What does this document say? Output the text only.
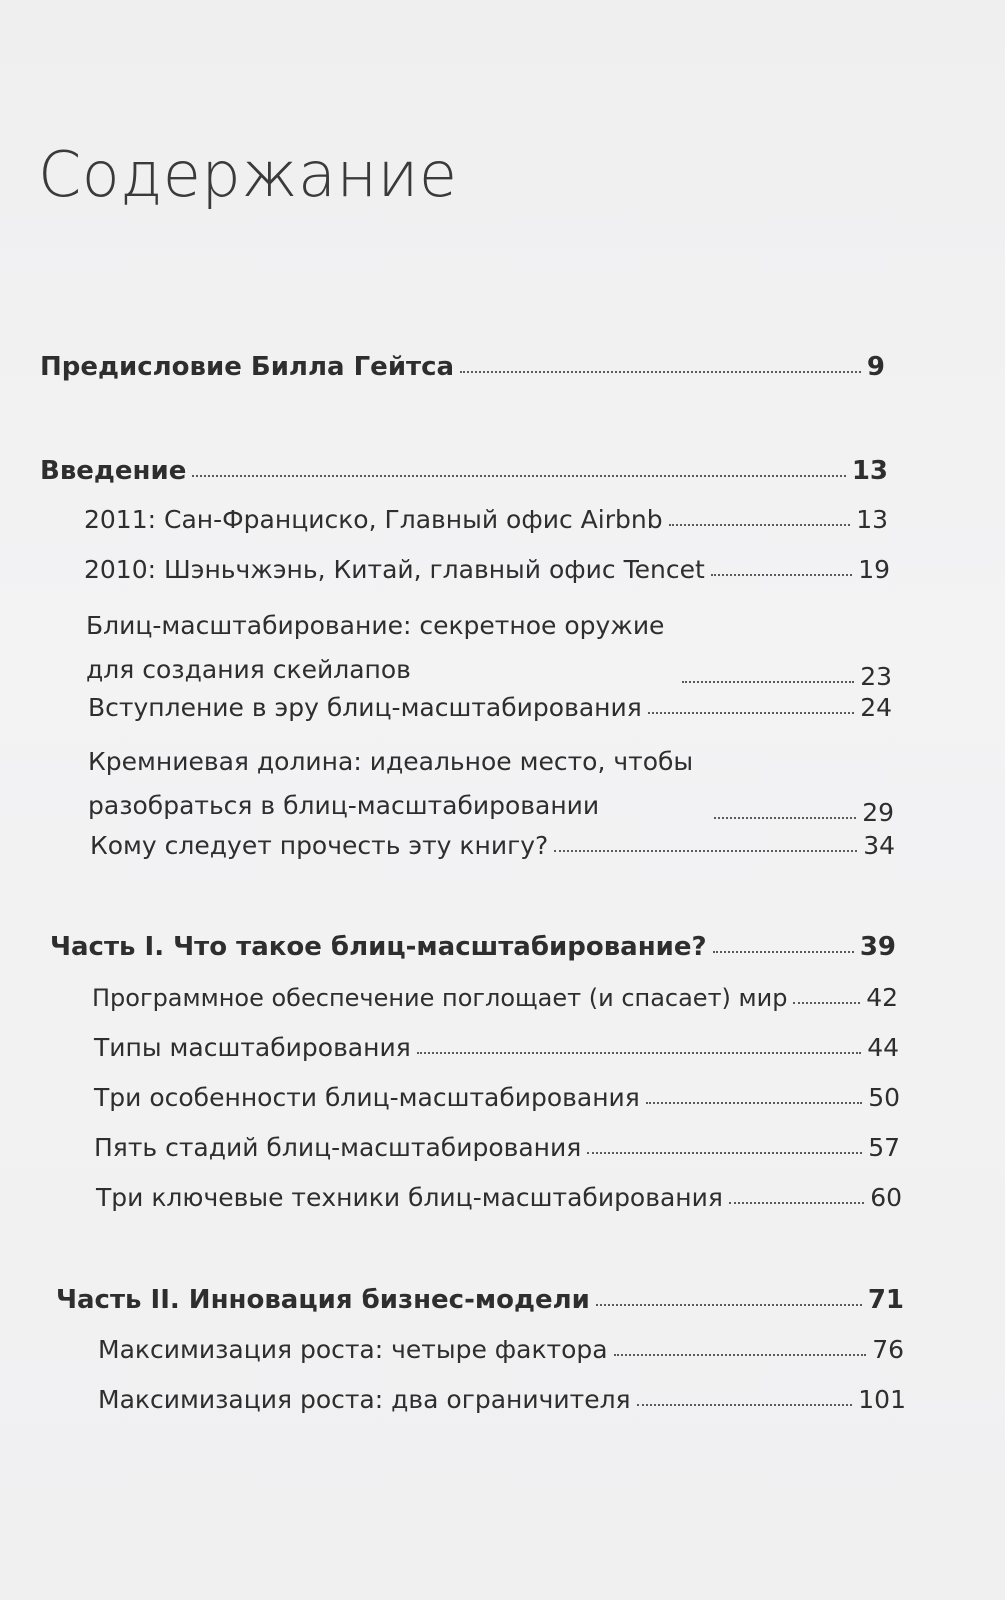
Содержание
Предисловие Билла Гейтса	9
Введение	13
2011: Сан-Франциско, Главный офис Airbnb	13
2010: Шэньчжэнь, Китай, главный офис Tencet	19
Блиц-масштабирование: секретное оружие для создания скейлапов	23
Вступление в эру блиц-масштабирования	24
Кремниевая долина: идеальное место, чтобы разобраться в блиц-масштабировании	29
Кому следует прочесть эту книгу?	34
Часть I. Что такое блиц-масштабирование?	39
Программное обеспечение поглощает (и спасает) мир	42
Типы масштабирования	44
Три особенности блиц-масштабирования	50
Пять стадий блиц-масштабирования	57
Три ключевые техники блиц-масштабирования	60
Часть II. Инновация бизнес-модели	71
Максимизация роста: четыре фактора	76
Максимизация роста: два ограничителя	101
